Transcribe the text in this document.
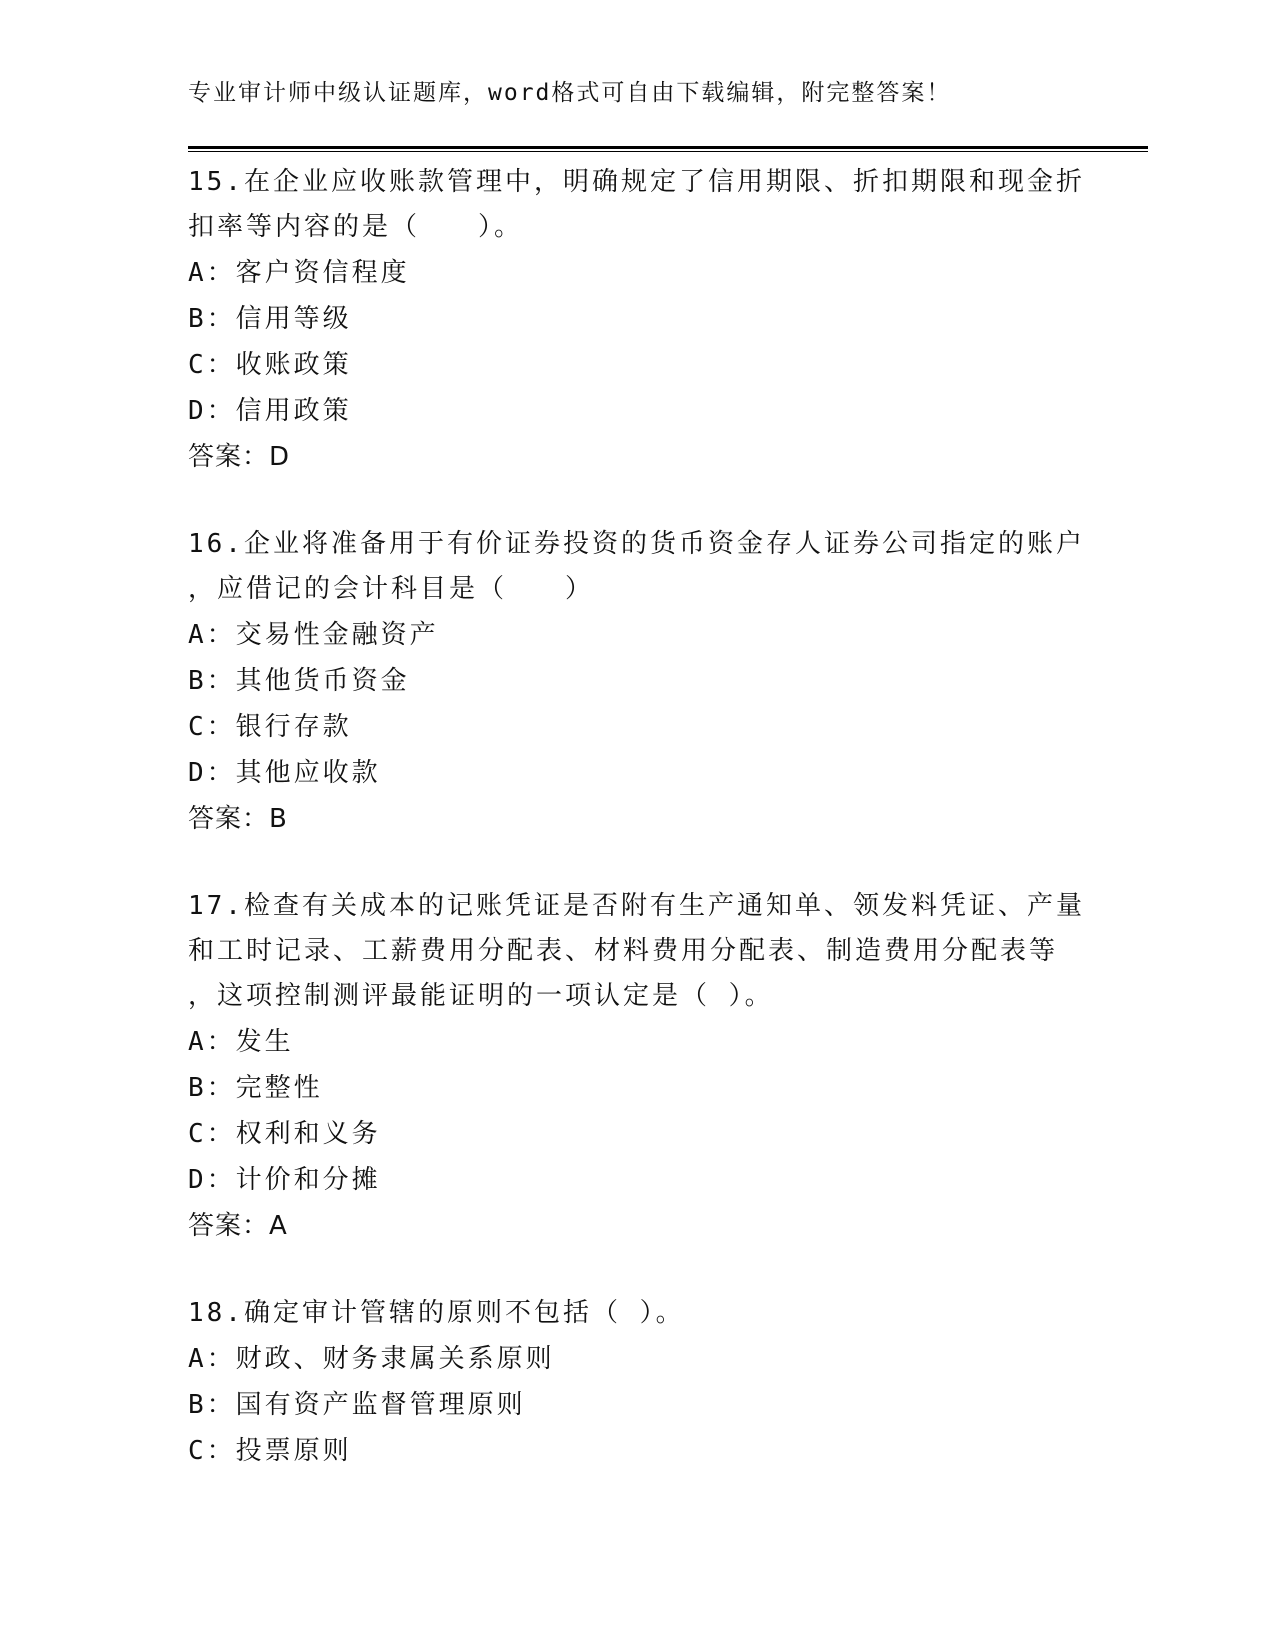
专业审计师中级认证题库，word格式可自由下载编辑，附完整答案！
15.在企业应收账款管理中，明确规定了信用期限、折扣期限和现金折
扣率等内容的是（　　）。
A：客户资信程度
B：信用等级
C：收账政策
D：信用政策
答案：D
16.企业将准备用于有价证券投资的货币资金存人证券公司指定的账户
，应借记的会计科目是（　　）
A：交易性金融资产
B：其他货币资金
C：银行存款
D：其他应收款
答案：B
17.检查有关成本的记账凭证是否附有生产通知单、领发料凭证、产量
和工时记录、工薪费用分配表、材料费用分配表、制造费用分配表等
，这项控制测评最能证明的一项认定是（ ）。
A：发生
B：完整性
C：权利和义务
D：计价和分摊
答案：A
18.确定审计管辖的原则不包括（ ）。
A：财政、财务隶属关系原则
B：国有资产监督管理原则
C：投票原则
